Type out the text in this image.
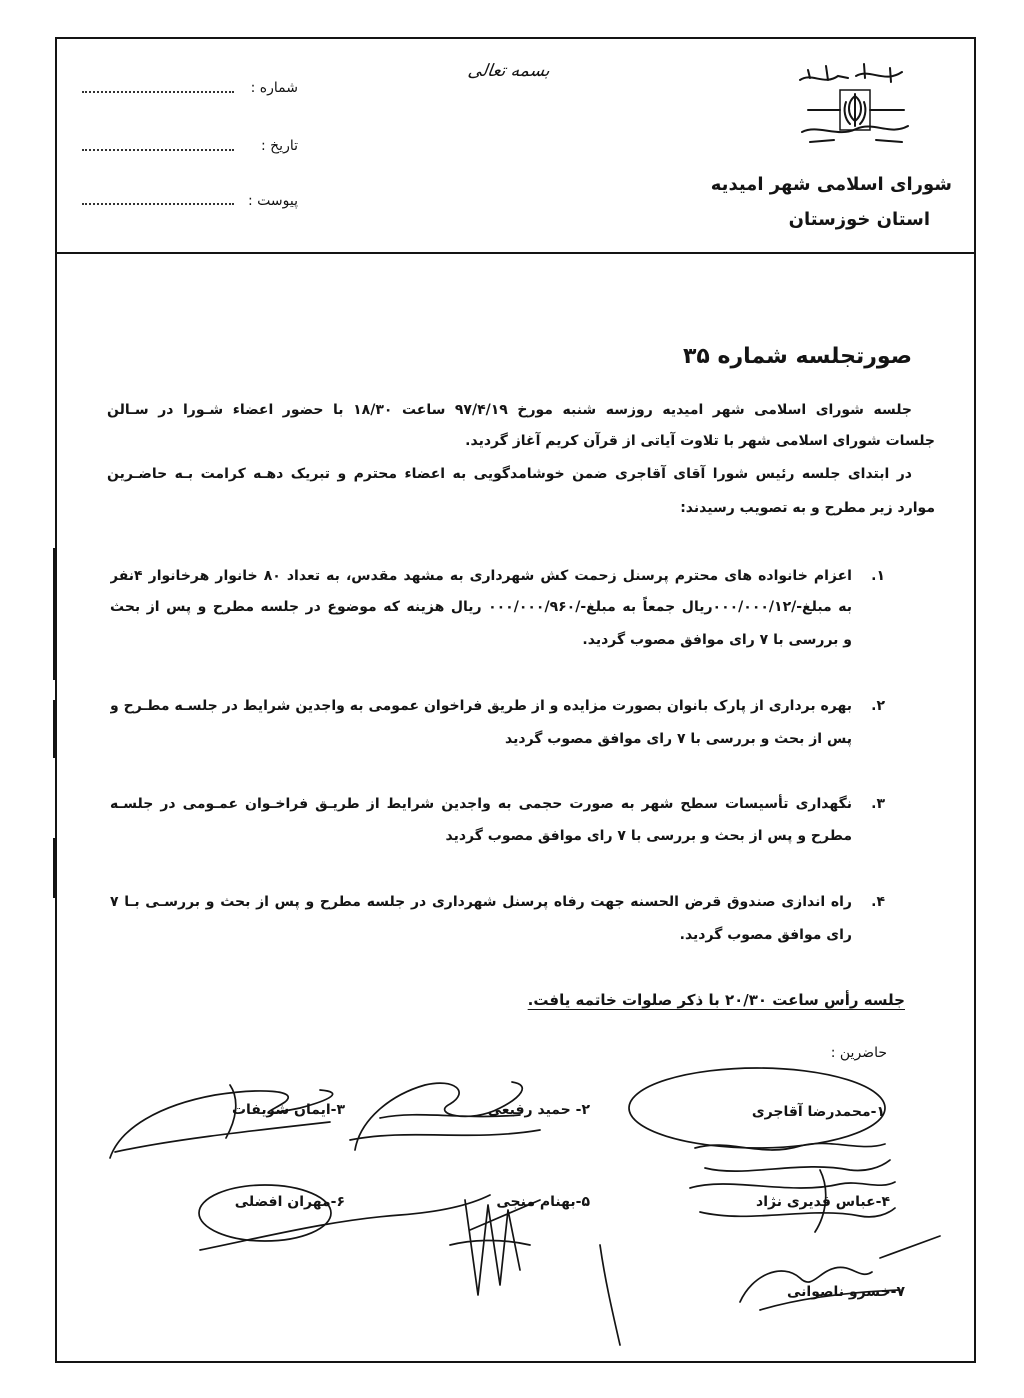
بسمه تعالی
شورای اسلامی شهر امیدیه
استان خوزستان
شماره :
تاریخ :
پیوست :
صورتجلسه شماره ۳۵
جلسه شورای اسلامی شهر امیدیه روزسه شنبه مورخ ۹۷/۴/۱۹ ساعت ۱۸/۳۰ با حضور اعضاء شـورا در سـالن
جلسات شورای اسلامی شهر با تلاوت آیاتی از قرآن کریم آغاز گردید.
در ابتدای جلسه رئیس شورا آقای آقاجری ضمن خوشامدگویی به اعضاء محترم و تبریک دهـه کرامت بـه حاضـرین
موارد زیر مطرح و به تصویب رسیدند:
۱.
اعزام خانواده های محترم پرسنل زحمت کش شهرداری به مشهد مقدس، به تعداد ۸۰ خانوار هرخانوار ۴نفر
به مبلغ-/۰۰۰/۰۰۰/۱۲ریال جمعاً به مبلغ-/۰۰۰/۰۰۰/۹۶۰ ریال هزینه که موضوع در جلسه مطرح و پس از بحث
و بررسی با ۷ رای موافق مصوب گردید.
۲.
بهره برداری از پارک بانوان بصورت مزایده و از طریق فراخوان عمومی به واجدین شرایط در جلسـه مطـرح و
پس از بحث و بررسی با ۷ رای موافق مصوب گردید
۳.
نگهداری تأسیسات سطح شهر به صورت حجمی به واجدین شرایط از طریـق فراخـوان عمـومی در جلسـه
مطرح و پس از بحث و بررسی با ۷ رای موافق مصوب گردید
۴.
راه اندازی صندوق قرض الحسنه جهت رفاه پرسنل شهرداری در جلسه مطرح و پس از بحث و بررسـی بـا ۷
رای موافق مصوب گردید.
جلسه رأس ساعت ۲۰/۳۰ با ذکر صلوات خاتمه یافت.
حاضرین :
۱-محمدرضا آقاجری
۲- حمید رفیعی
۳-ایمان شریفات
۴-عباس قدیری نژاد
۵-بهنام منجی
۶-مهران افضلی
۷-خسرو ناصوانی
